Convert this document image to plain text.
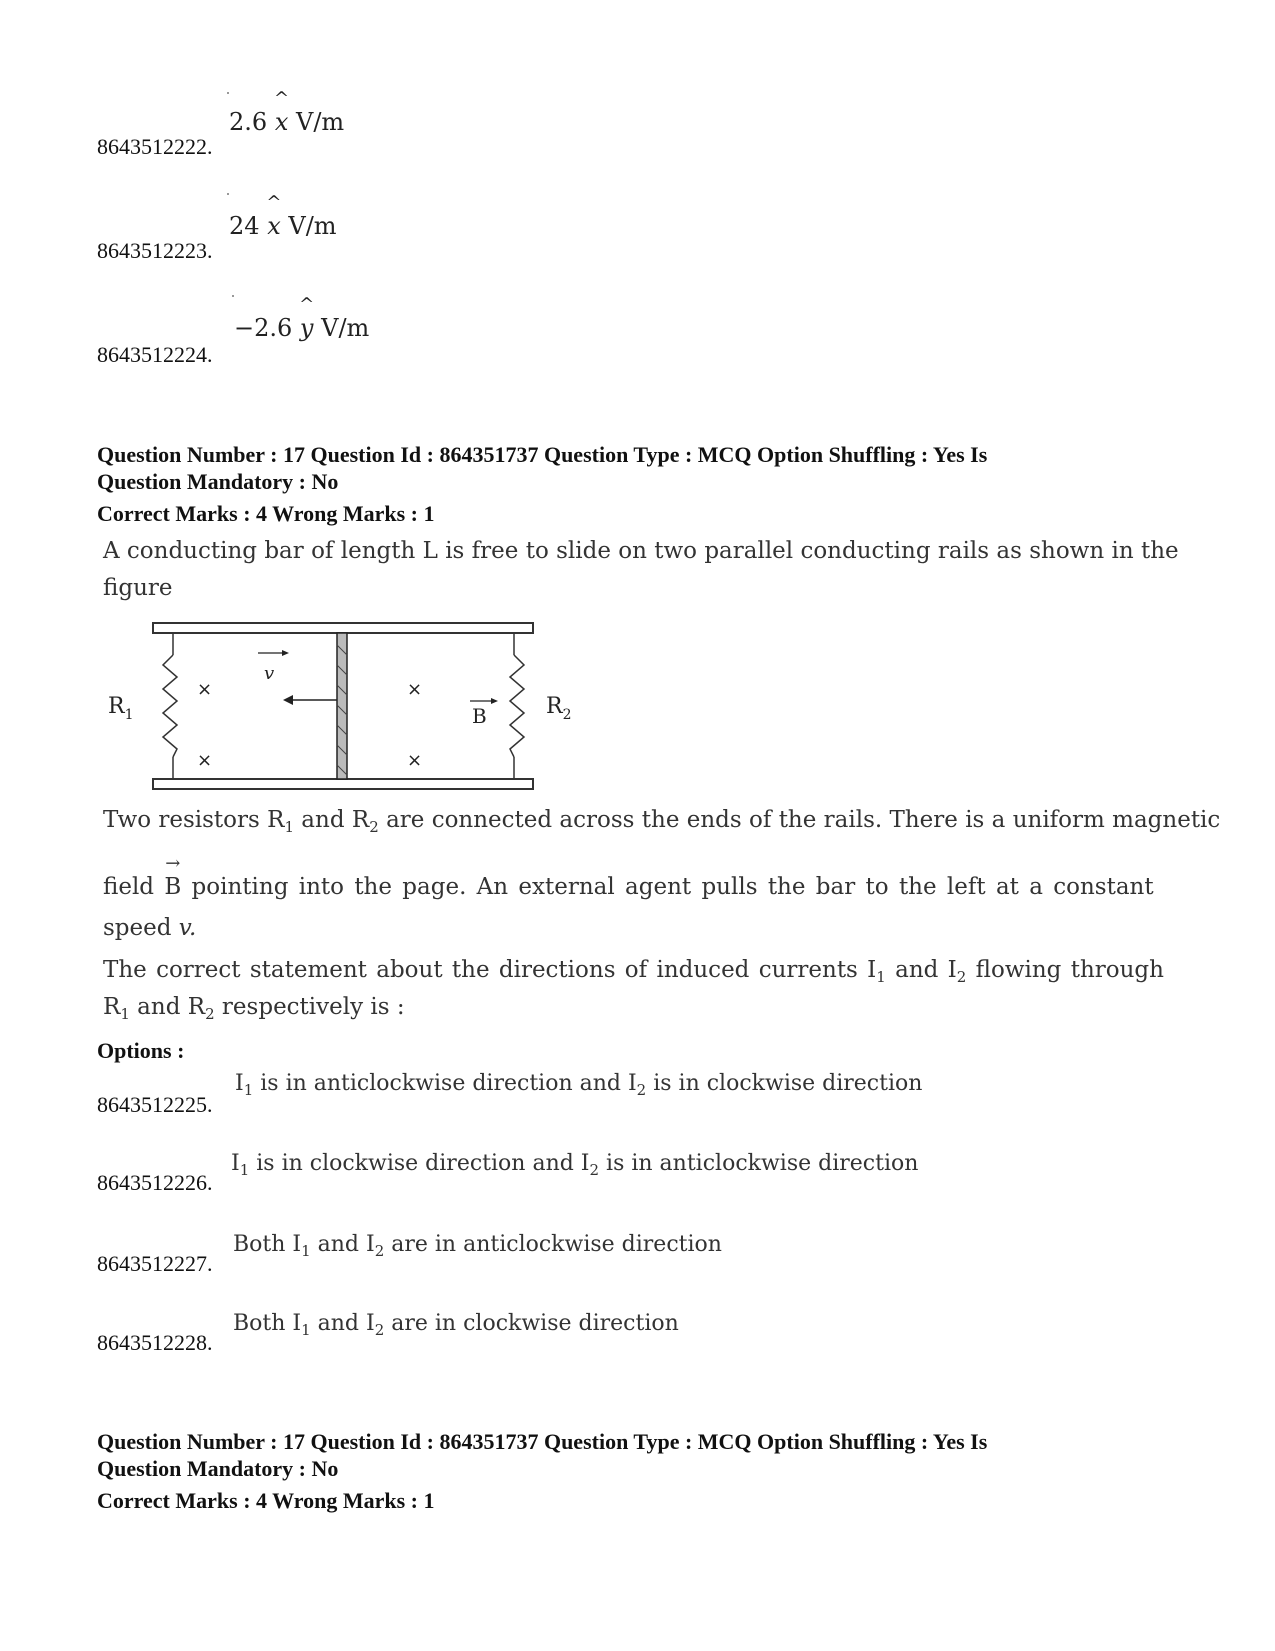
2.6
^
x V/m
8643512222.
24
^
x V/m
8643512223.
−2.6
^
y V/m
8643512224.
Question Number : 17 Question Id : 864351737 Question Type : MCQ Option Shuffling : Yes Is
Question Mandatory : No
Correct Marks : 4 Wrong Marks : 1
A conducting bar of length L is free to slide on two parallel conducting rails as shown in the
figure
v
×
×
×
×
B
$R_1$	$R_2$
Two resistors $R_1$ and $R_2$ are connected across the ends of the rails. There is a uniform magnetic
field
→
B pointing into the page. An external agent pulls the bar to the left at a constant
speed v.
The correct statement about the directions of induced currents $I_1$ and $I_2$ flowing through
$R_1$ and $R_2$ respectively is :
Options :
$I_1$ is in anticlockwise direction and $I_2$ is in clockwise direction
8643512225.
$I_1$ is in clockwise direction and $I_2$ is in anticlockwise direction
8643512226.
Both $I_1$ and $I_2$ are in anticlockwise direction
8643512227.
Both $I_1$ and $I_2$ are in clockwise direction
8643512228.
Question Number : 17 Question Id : 864351737 Question Type : MCQ Option Shuffling : Yes Is
Question Mandatory : No
Correct Marks : 4 Wrong Marks : 1
